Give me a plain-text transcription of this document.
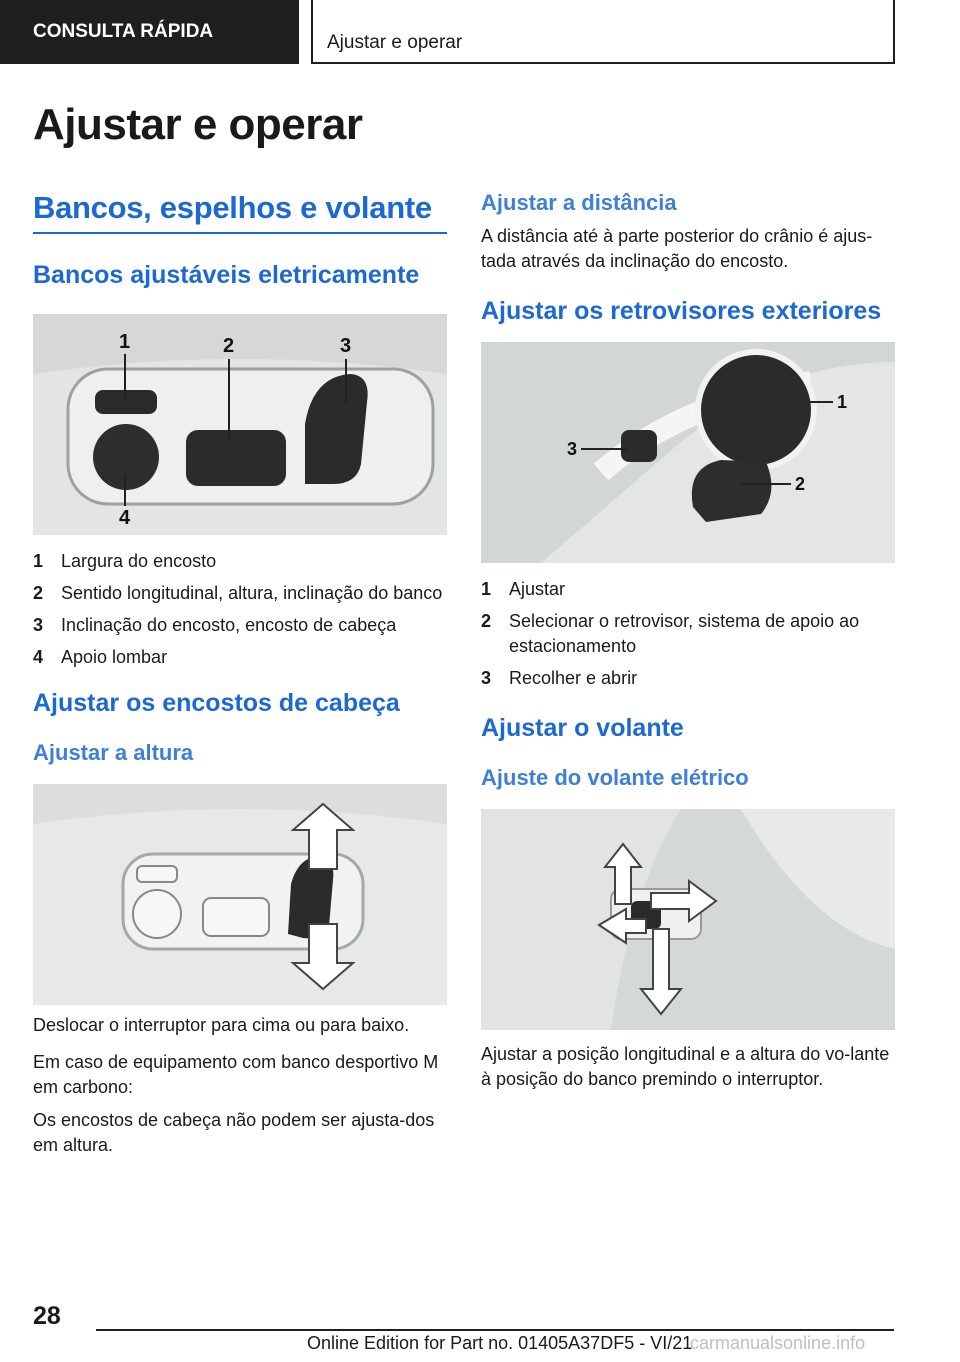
CONSULTA RÁPIDA
Ajustar e operar
Ajustar e operar
Bancos, espelhos e volante
Bancos ajustáveis eletricamente
1	2	3
4
1 Largura do encosto
2 Sentido longitudinal, altura, inclinação do banco
3 Inclinação do encosto, encosto de cabeça
4 Apoio lombar
Ajustar os encostos de cabeça
Ajustar a altura
Deslocar o interruptor para cima ou para baixo.
Em caso de equipamento com banco desportivo M em carbono:
Os encostos de cabeça não podem ser ajusta-dos em altura.
Ajustar a distância
A distância até à parte posterior do crânio é ajus-tada através da inclinação do encosto.
Ajustar os retrovisores exteriores
1
2
3
1 Ajustar
2 Selecionar o retrovisor, sistema de apoio ao estacionamento
3 Recolher e abrir
Ajustar o volante
Ajuste do volante elétrico
Ajustar a posição longitudinal e a altura do vo-lante à posição do banco premindo o interruptor.
28
Online Edition for Part no. 01405A37DF5 - VI/21
carmanualsonline.info
